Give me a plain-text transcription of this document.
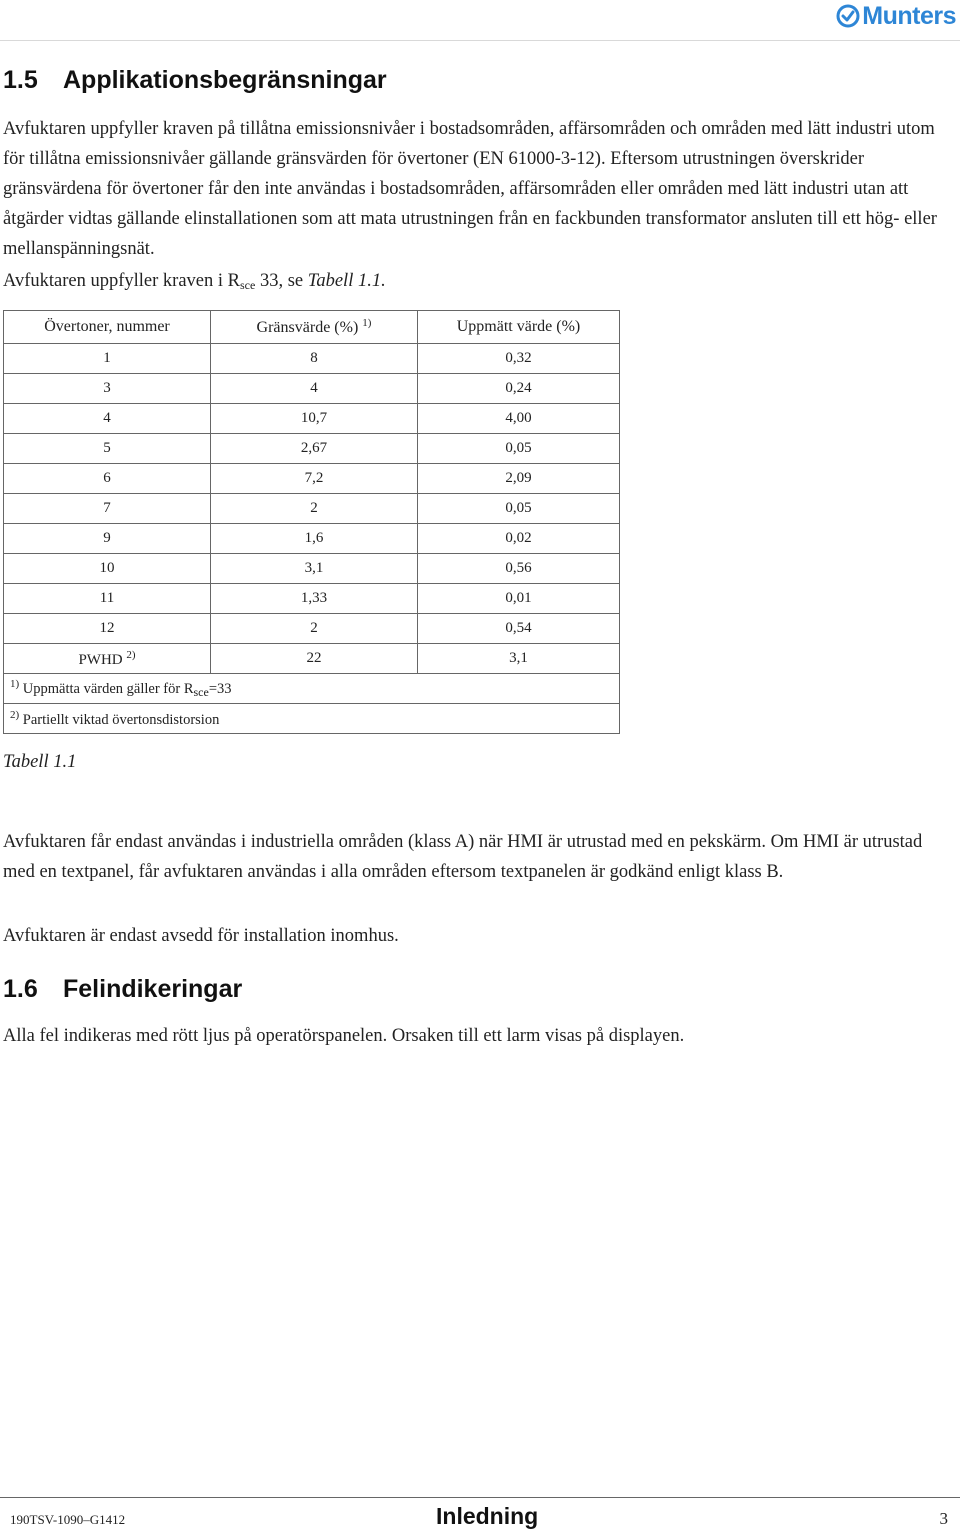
Munters
1.5 Applikationsbegränsningar

Avfuktaren uppfyller kraven på tillåtna emissionsnivåer i bostadsområden, affärsområden och områden med lätt industri utom för tillåtna emissionsnivåer gällande gränsvärden för övertoner (EN 61000-3-12). Eftersom utrustningen överskrider gränsvärdena för övertoner får den inte användas i bostadsområden, affärsområden eller områden med lätt industri utan att åtgärder vidtas gällande elinstallationen som att mata utrustningen från en fackbunden transformator ansluten till ett hög- eller mellanspänningsnät.

Avfuktaren uppfyller kraven i $R_{sce}$ 33, se Tabell 1.1.

Övertoner, nummer	Gränsvärde (%) $^{1)}$	Uppmätt värde (%)
1	8	0,32
3	4	0,24
4	10,7	4,00
5	2,67	0,05
6	7,2	2,09
7	2	0,05
9	1,6	0,02
10	3,1	0,56
11	1,33	0,01
12	2	0,54
PWHD $^{2)}$	22	3,1
$^{1)}$ Uppmätta värden gäller för $R_{sce}=33$		
$^{2)}$ Partiellt viktad övertonsdistorsion		
Tabell 1.1

Avfuktaren får endast användas i industriella områden (klass A) när HMI är utrustad med en pekskärm. Om HMI är utrustad med en textpanel, får avfuktaren användas i alla områden eftersom textpanelen är godkänd enligt klass B.

Avfuktaren är endast avsedd för installation inomhus.

1.6 Felindikeringar

Alla fel indikeras med rött ljus på operatörspanelen. Orsaken till ett larm visas på displayen.

190TSV-1090–G1412	Inledning	3
